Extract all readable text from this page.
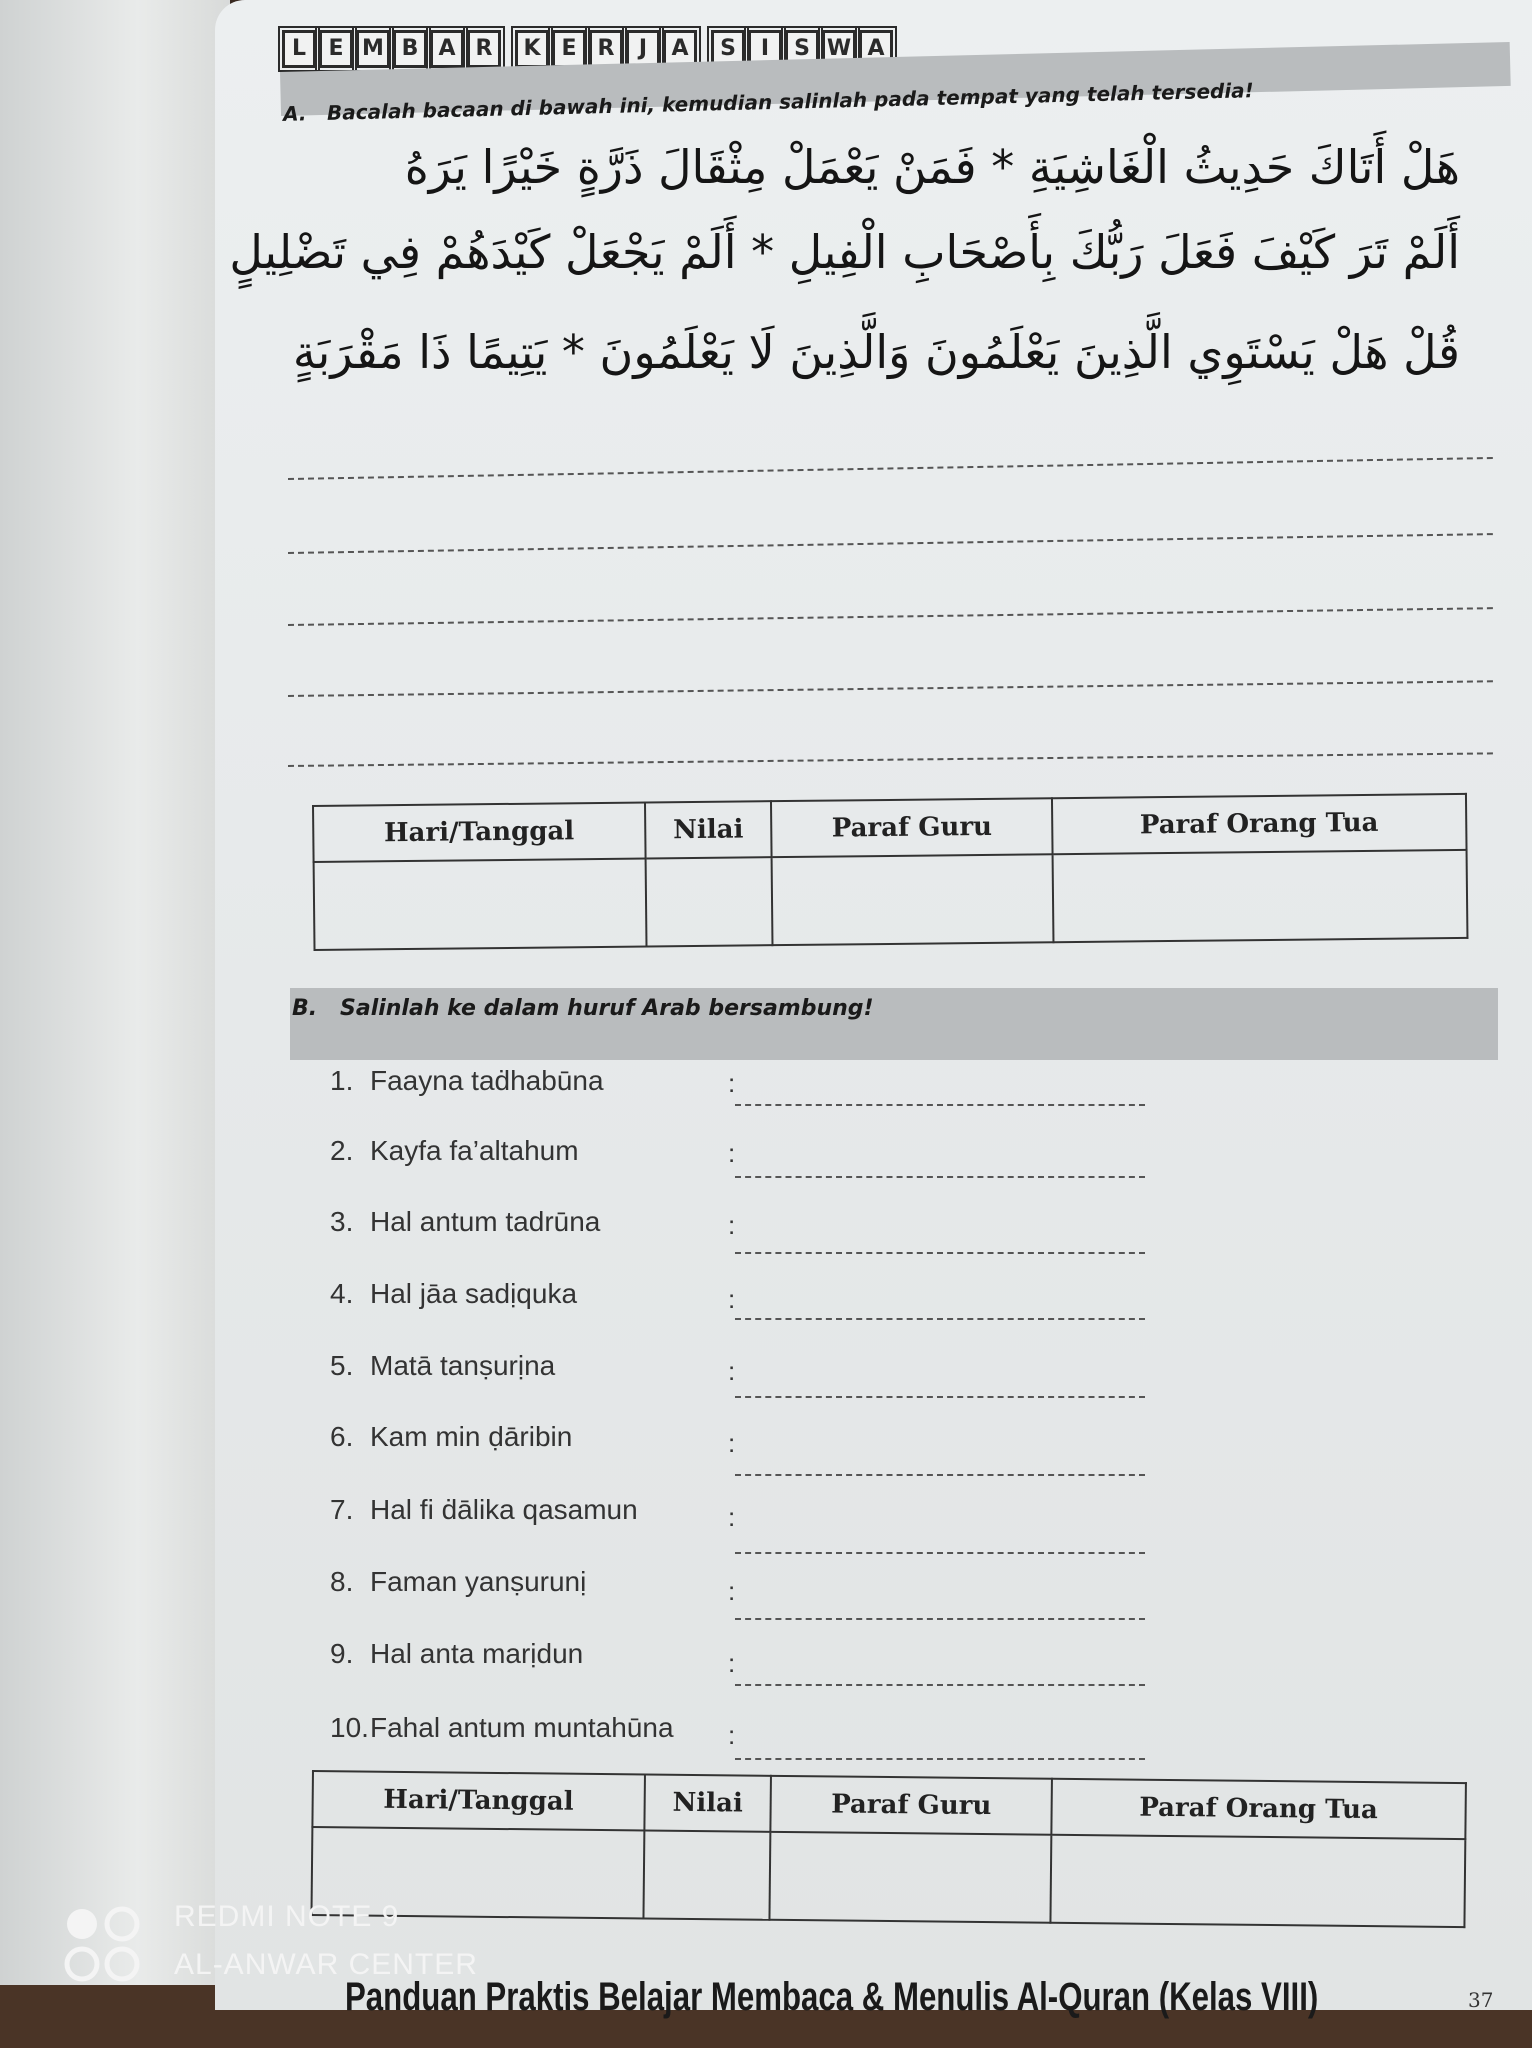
L	E M B A R	K E R	J	A	S	I	S W A
A. Bacalah bacaan di bawah ini, kemudian salinlah pada tempat yang telah tersedia!
هَلْ أَتَاكَ حَدِيثُ الْغَاشِيَةِ * فَمَنْ يَعْمَلْ مِثْقَالَ ذَرَّةٍ خَيْرًا يَرَهُ
أَلَمْ تَرَ كَيْفَ فَعَلَ رَبُّكَ بِأَصْحَابِ الْفِيلِ * أَلَمْ يَجْعَلْ كَيْدَهُمْ فِي تَضْلِيلٍ
قُلْ هَلْ يَسْتَوِي الَّذِينَ يَعْلَمُونَ وَالَّذِينَ لَا يَعْلَمُونَ * يَتِيمًا ذَا مَقْرَبَةٍ
Hari/Tanggal	Nilai	Paraf Guru	Paraf Orang Tua

B. Salinlah ke dalam huruf Arab bersambung!
1. Faayna taḋhabūna	:
2. Kayfa fa’altahum	:
3. Hal antum tadrūna	:
4. Hal jāa sadịquka	:
5. Matā tanṣurịna	:
6. Kam min ḍāribin	:
7. Hal fi ḋālika qasamun	:
8. Faman yanṣurunị	:
9. Hal anta marịdun	:
10.Fahal antum muntahūna :
Hari/Tanggal	Nilai	Paraf Guru	Paraf Orang Tua

REDMI NOTE 9
AL-ANWAR CENTER
Panduan Praktis Belajar Membaca & Menulis Al-Quran (Kelas VIII)	37
